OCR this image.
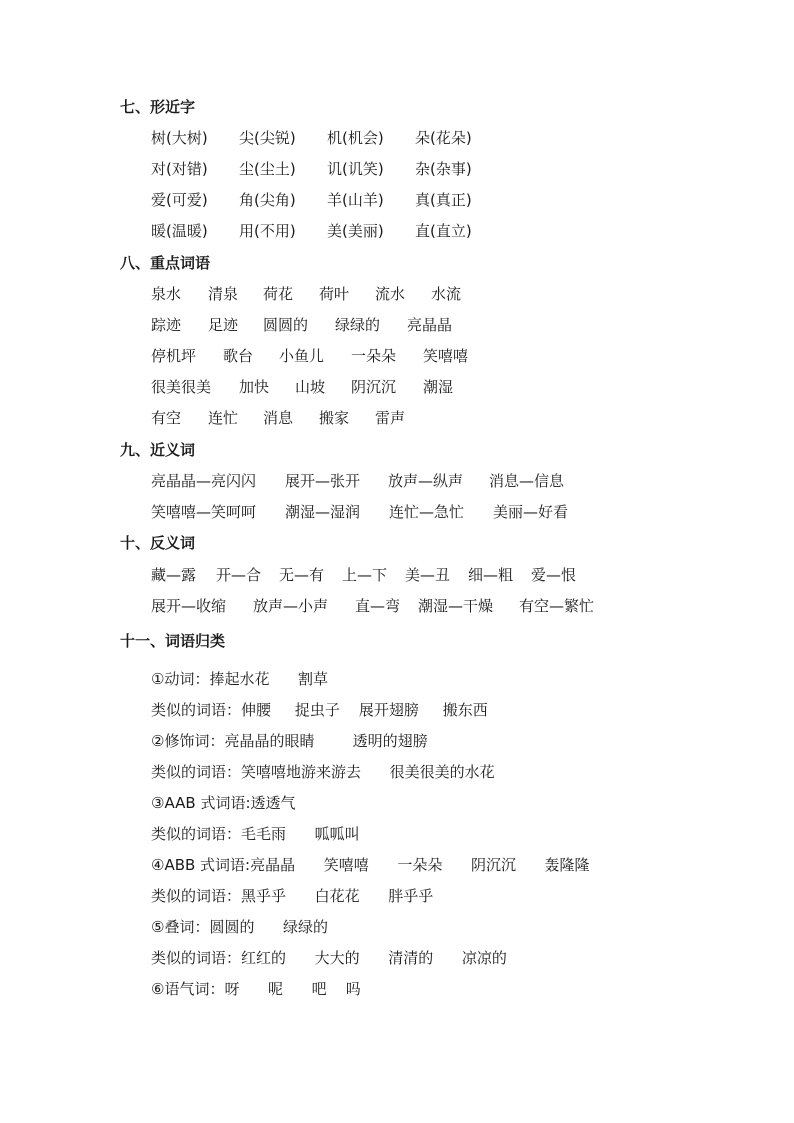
七、形近字
树(大树) 尖(尖锐) 机(机会) 朵(花朵)
对(对错) 尘(尘土) 讥(讥笑) 杂(杂事)
爱(可爱) 角(尖角) 羊(山羊) 真(真正)
暖(温暖) 用(不用) 美(美丽) 直(直立)
八、重点词语
泉水 清泉 荷花 荷叶 流水 水流
踪迹 足迹 圆圆的 绿绿的 亮晶晶
停机坪 歌台 小鱼儿 一朵朵 笑嘻嘻
很美很美 加快 山坡 阴沉沉 潮湿
有空 连忙 消息 搬家 雷声
九、近义词
亮晶晶—亮闪闪 展开—张开 放声—纵声 消息—信息
笑嘻嘻—笑呵呵 潮湿—湿润 连忙—急忙 美丽—好看
十、反义词
藏—露 开—合 无—有 上—下 美—丑 细—粗 爱—恨
展开—收缩 放声—小声 直—弯 潮湿—干燥 有空—繁忙
十一、词语归类
①动词：捧起水花      割草
类似的词语：伸腰     捉虫子    展开翅膀     搬东西
②修饰词：亮晶晶的眼睛        透明的翅膀
类似的词语：笑嘻嘻地游来游去      很美很美的水花
③AAB 式词语:透透气
类似的词语：毛毛雨      呱呱叫
④ABB 式词语:亮晶晶      笑嘻嘻      一朵朵      阴沉沉      轰隆隆
类似的词语：黑乎乎      白花花      胖乎乎
⑤叠词：圆圆的      绿绿的
类似的词语：红红的      大大的      清清的      凉凉的
⑥语气词：呀      呢      吧    吗
